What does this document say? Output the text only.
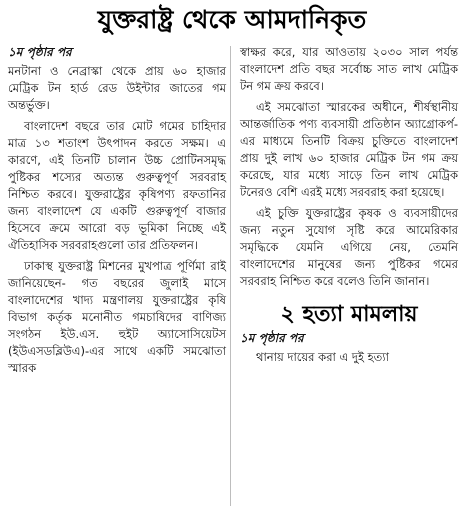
যুক্তরাষ্ট্র থেকে আমদানিকৃত
১ম পৃষ্ঠার পর

মনটানা ও নেব্রাস্কা থেকে প্রায় ৬০ হাজার মেট্রিক টন হার্ড রেড উইন্টার জাতের গম অন্তর্ভুক্ত।

বাংলাদেশ বছরে তার মোট গমের চাহিদার মাত্র ১৩ শতাংশ উৎপাদন করতে সক্ষম। এ কারণে, এই তিনটি চালান উচ্চ প্রোটিনসমৃদ্ধ পুষ্টিকর শস্যের অত্যন্ত গুরুত্বপূর্ণ সরবরাহ নিশ্চিত করবে। যুক্তরাষ্ট্রের কৃষিপণ্য রফতানির জন্য বাংলাদেশ যে একটি গুরুত্বপূর্ণ বাজার হিসেবে ক্রমে আরো বড় ভূমিকা নিচ্ছে এই ঐতিহাসিক সরবরাহগুলো তার প্রতিফলন।

ঢাকাস্থ যুক্তরাষ্ট্র মিশনের মুখপাত্র পূর্ণিমা রাই জানিয়েছেন- গত বছরের জুলাই মাসে বাংলাদেশের খাদ্য মন্ত্রণালয় যুক্তরাষ্ট্রের কৃষি বিভাগ কর্তৃক মনোনীত গমচাষিদের বাণিজ্য সংগঠন ইউ.এস. হুইট অ্যাসোসিয়েটস (ইউএসডব্লিউএ)-এর সাথে একটি সমঝোতা স্মারক

স্বাক্ষর করে, যার আওতায় ২০৩০ সাল পর্যন্ত বাংলাদেশ প্রতি বছর সর্বোচ্চ সাত লাখ মেট্রিক টন গম ক্রয় করবে।

এই সমঝোতা স্মারকের অধীনে, শীর্ষস্থানীয় আন্তর্জাতিক পণ্য ব্যবসায়ী প্রতিষ্ঠান অ্যাগ্রোকর্প- এর মাধ্যমে তিনটি বিক্রয় চুক্তিতে বাংলাদেশ প্রায় দুই লাখ ৬০ হাজার মেট্রিক টন গম ক্রয় করেছে, যার মধ্যে সাড়ে তিন লাখ মেট্রিক টনেরও বেশি এরই মধ্যে সরবরাহ করা হয়েছে।

এই চুক্তি যুক্তরাষ্ট্রের কৃষক ও ব্যবসায়ীদের জন্য নতুন সুযোগ সৃষ্টি করে আমেরিকার সমৃদ্ধিকে যেমনি এগিয়ে নেয়, তেমনি বাংলাদেশের মানুষের জন্য পুষ্টিকর গমের সরবরাহ নিশ্চিত করে বলেও তিনি জানান।

২ হত্যা মামলায়
১ম পৃষ্ঠার পর

থানায় দায়ের করা এ দুই হত্যা
